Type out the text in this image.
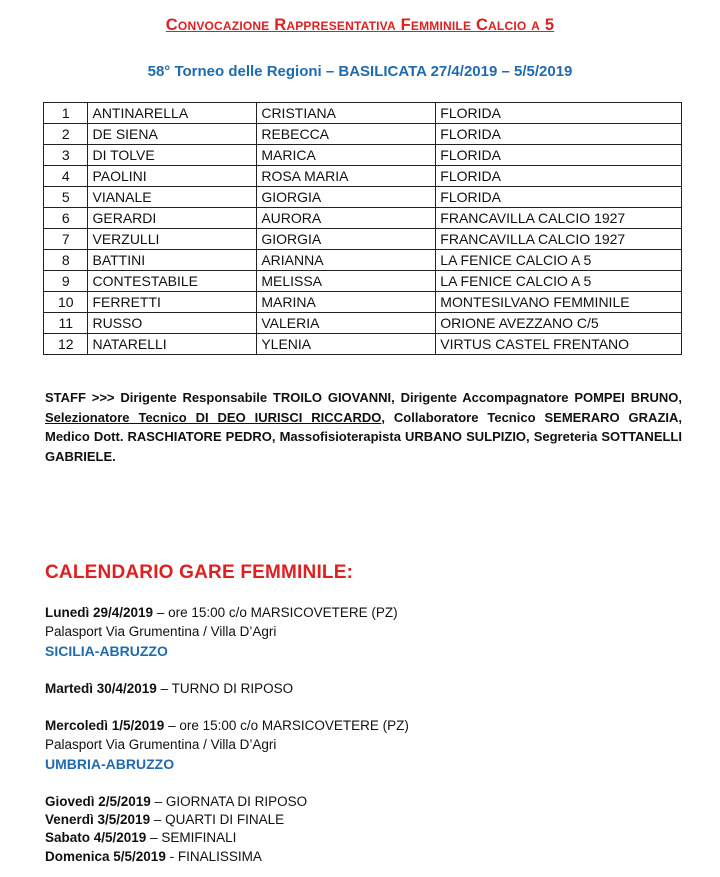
Convocazione Rappresentativa Femminile Calcio a 5
58° Torneo delle Regioni – BASILICATA 27/4/2019 – 5/5/2019
1	ANTINARELLA	CRISTIANA	FLORIDA
2	DE SIENA	REBECCA	FLORIDA
3	DI TOLVE	MARICA	FLORIDA
4	PAOLINI	ROSA MARIA	FLORIDA
5	VIANALE	GIORGIA	FLORIDA
6	GERARDI	AURORA	FRANCAVILLA CALCIO 1927
7	VERZULLI	GIORGIA	FRANCAVILLA CALCIO 1927
8	BATTINI	ARIANNA	LA FENICE CALCIO A 5
9	CONTESTABILE	MELISSA	LA FENICE CALCIO A 5
10	FERRETTI	MARINA	MONTESILVANO FEMMINILE
11	RUSSO	VALERIA	ORIONE AVEZZANO C/5
12	NATARELLI	YLENIA	VIRTUS CASTEL FRENTANO
STAFF >>> Dirigente Responsabile TROILO GIOVANNI, Dirigente Accompagnatore POMPEI BRUNO, Selezionatore Tecnico DI DEO IURISCI RICCARDO, Collaboratore Tecnico SEMERARO GRAZIA, Medico Dott. RASCHIATORE PEDRO, Massofisioterapista URBANO SULPIZIO, Segreteria SOTTANELLI GABRIELE.
CALENDARIO GARE FEMMINILE:
Lunedì 29/4/2019 – ore 15:00 c/o MARSICOVETERE (PZ)
Palasport Via Grumentina / Villa D’Agri
SICILIA-ABRUZZO
Martedì 30/4/2019 – TURNO DI RIPOSO
Mercoledì 1/5/2019 – ore 15:00 c/o MARSICOVETERE (PZ)
Palasport Via Grumentina / Villa D’Agri
UMBRIA-ABRUZZO
Giovedì 2/5/2019 – GIORNATA DI RIPOSO
Venerdì 3/5/2019 – QUARTI DI FINALE
Sabato 4/5/2019 – SEMIFINALI
Domenica 5/5/2019 - FINALISSIMA
